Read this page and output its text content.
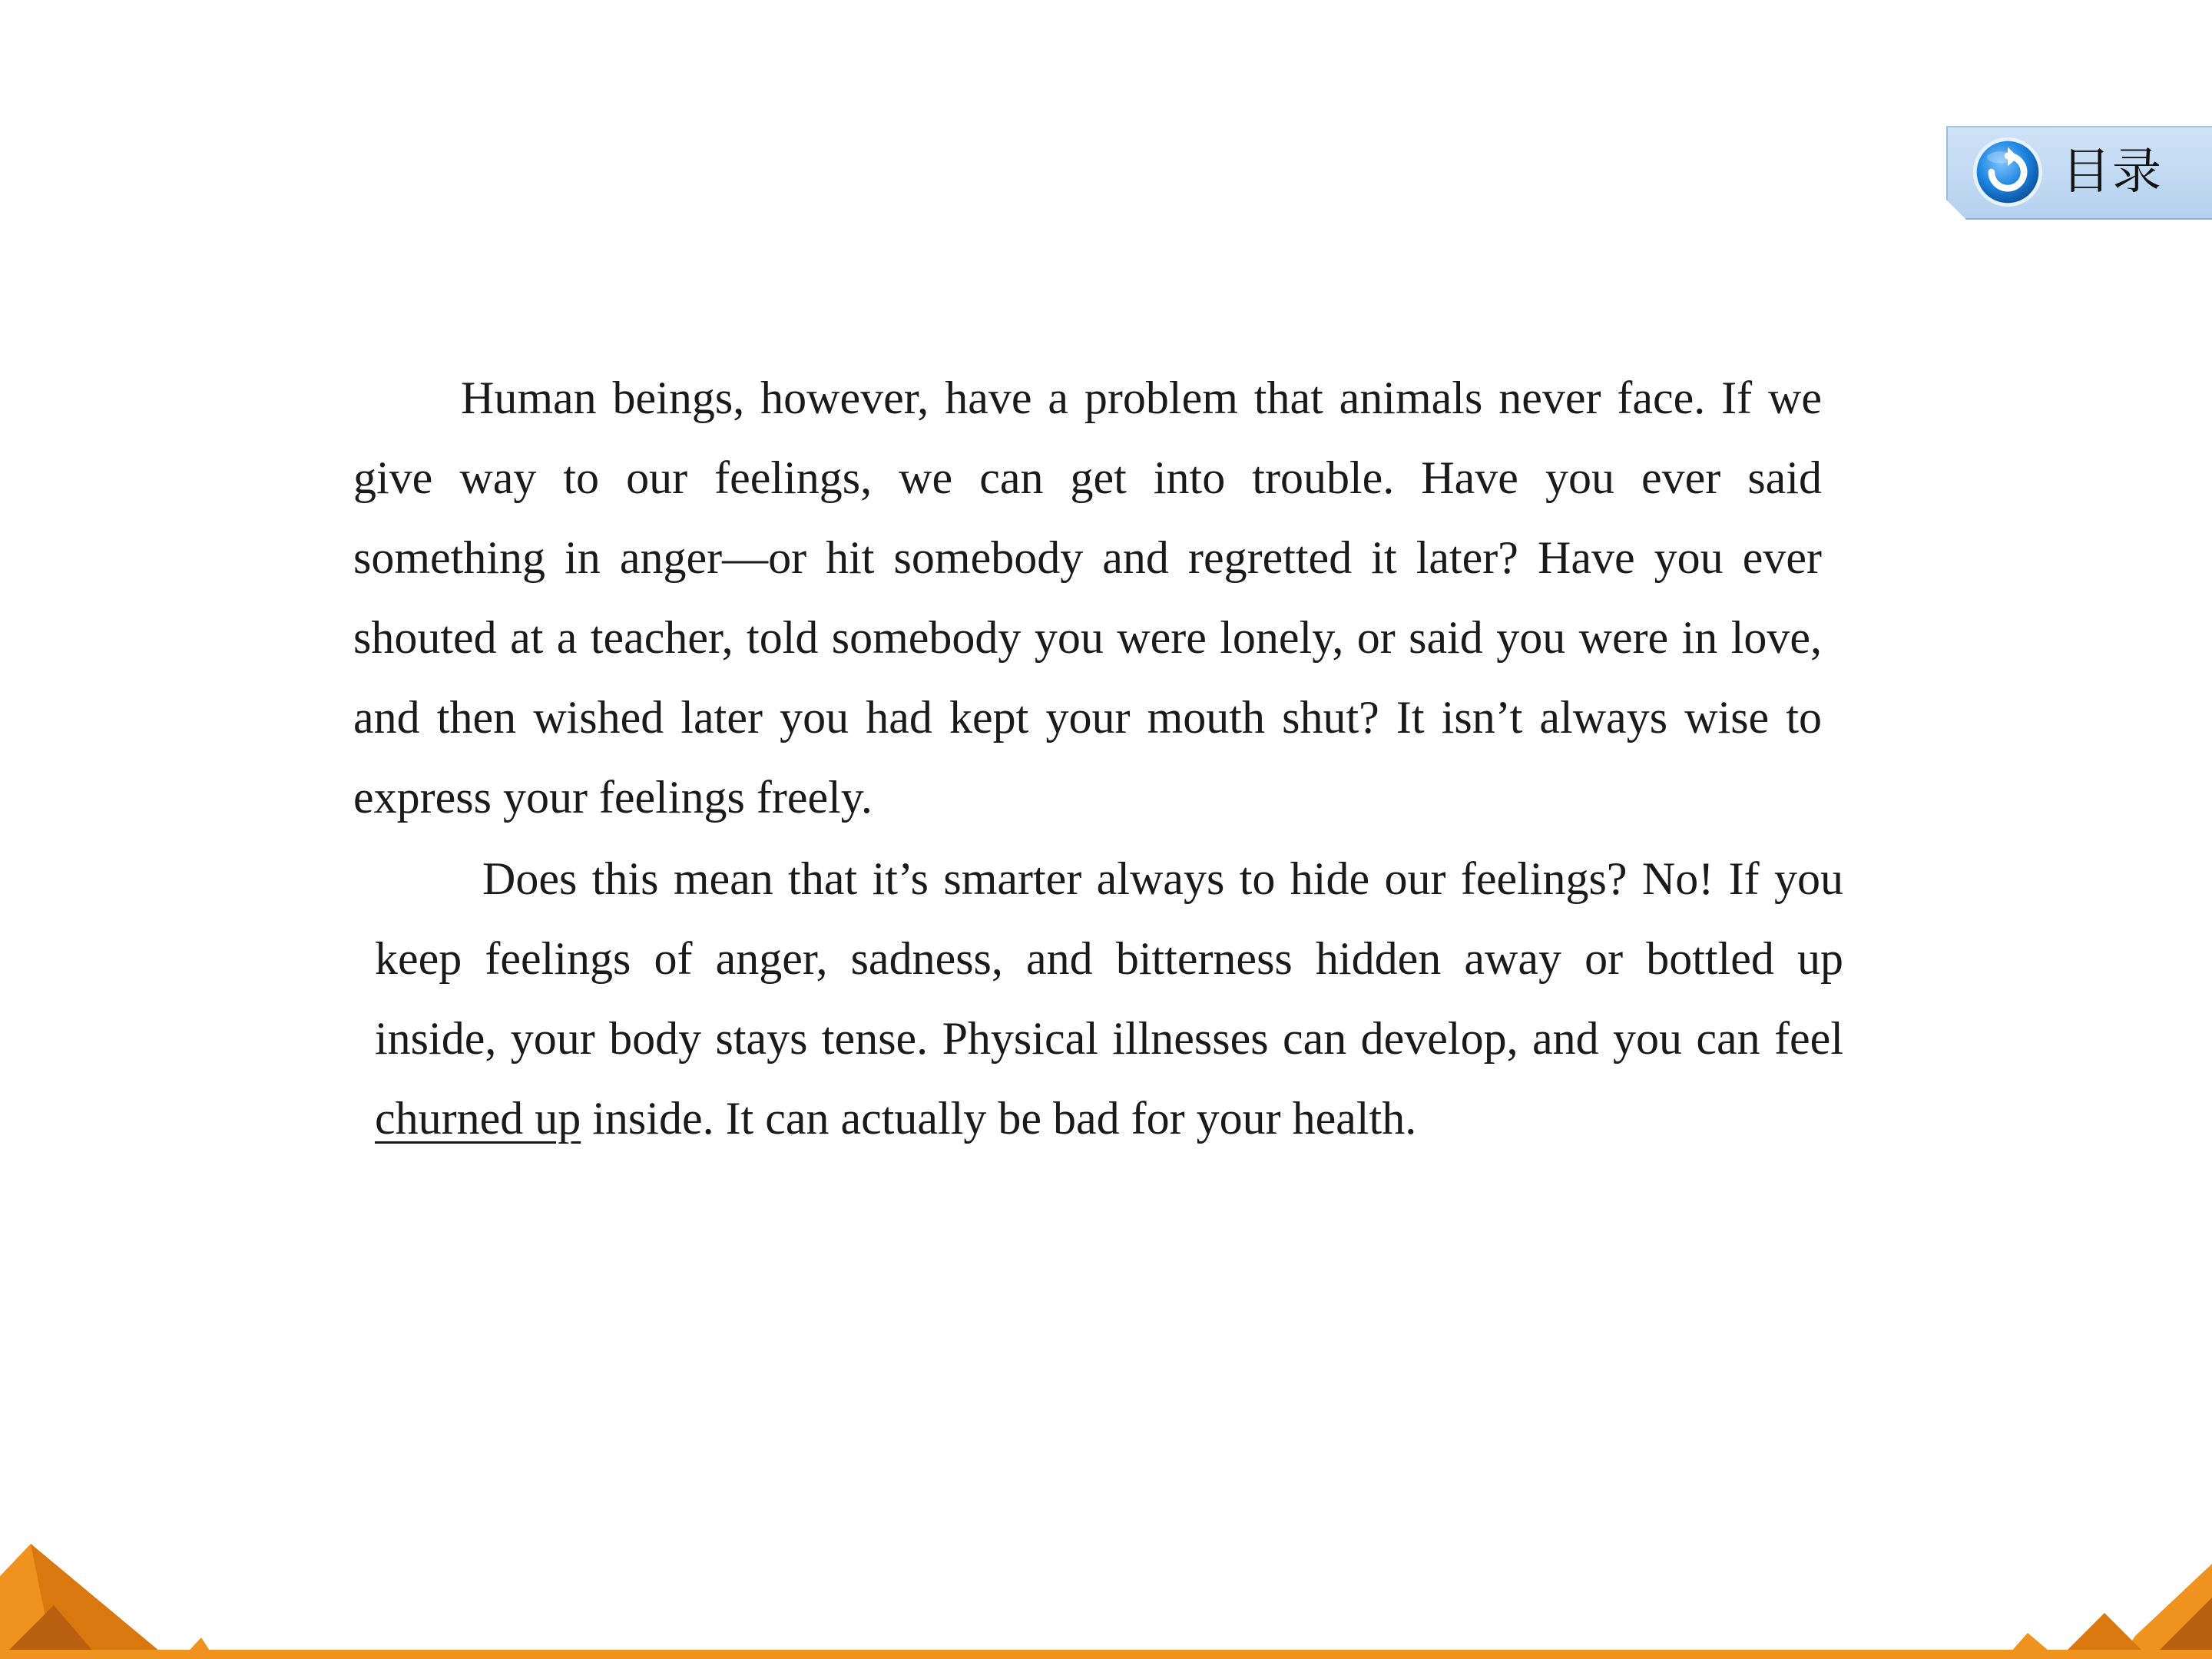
目录

Human beings, however, have a problem that animals never face. If we give way to our feelings, we can get into trouble. Have you ever said something in anger—or hit somebody and regretted it later? Have you ever shouted at a teacher, told somebody you were lonely, or said you were in love, and then wished later you had kept your mouth shut? It isn’t always wise to express your feelings freely.

Does this mean that it’s smarter always to hide our feelings? No! If you keep feelings of anger, sadness, and bitterness hidden away or bottled up inside, your body stays tense. Physical illnesses can develop, and you can feel churned up inside. It can actually be bad for your health.
